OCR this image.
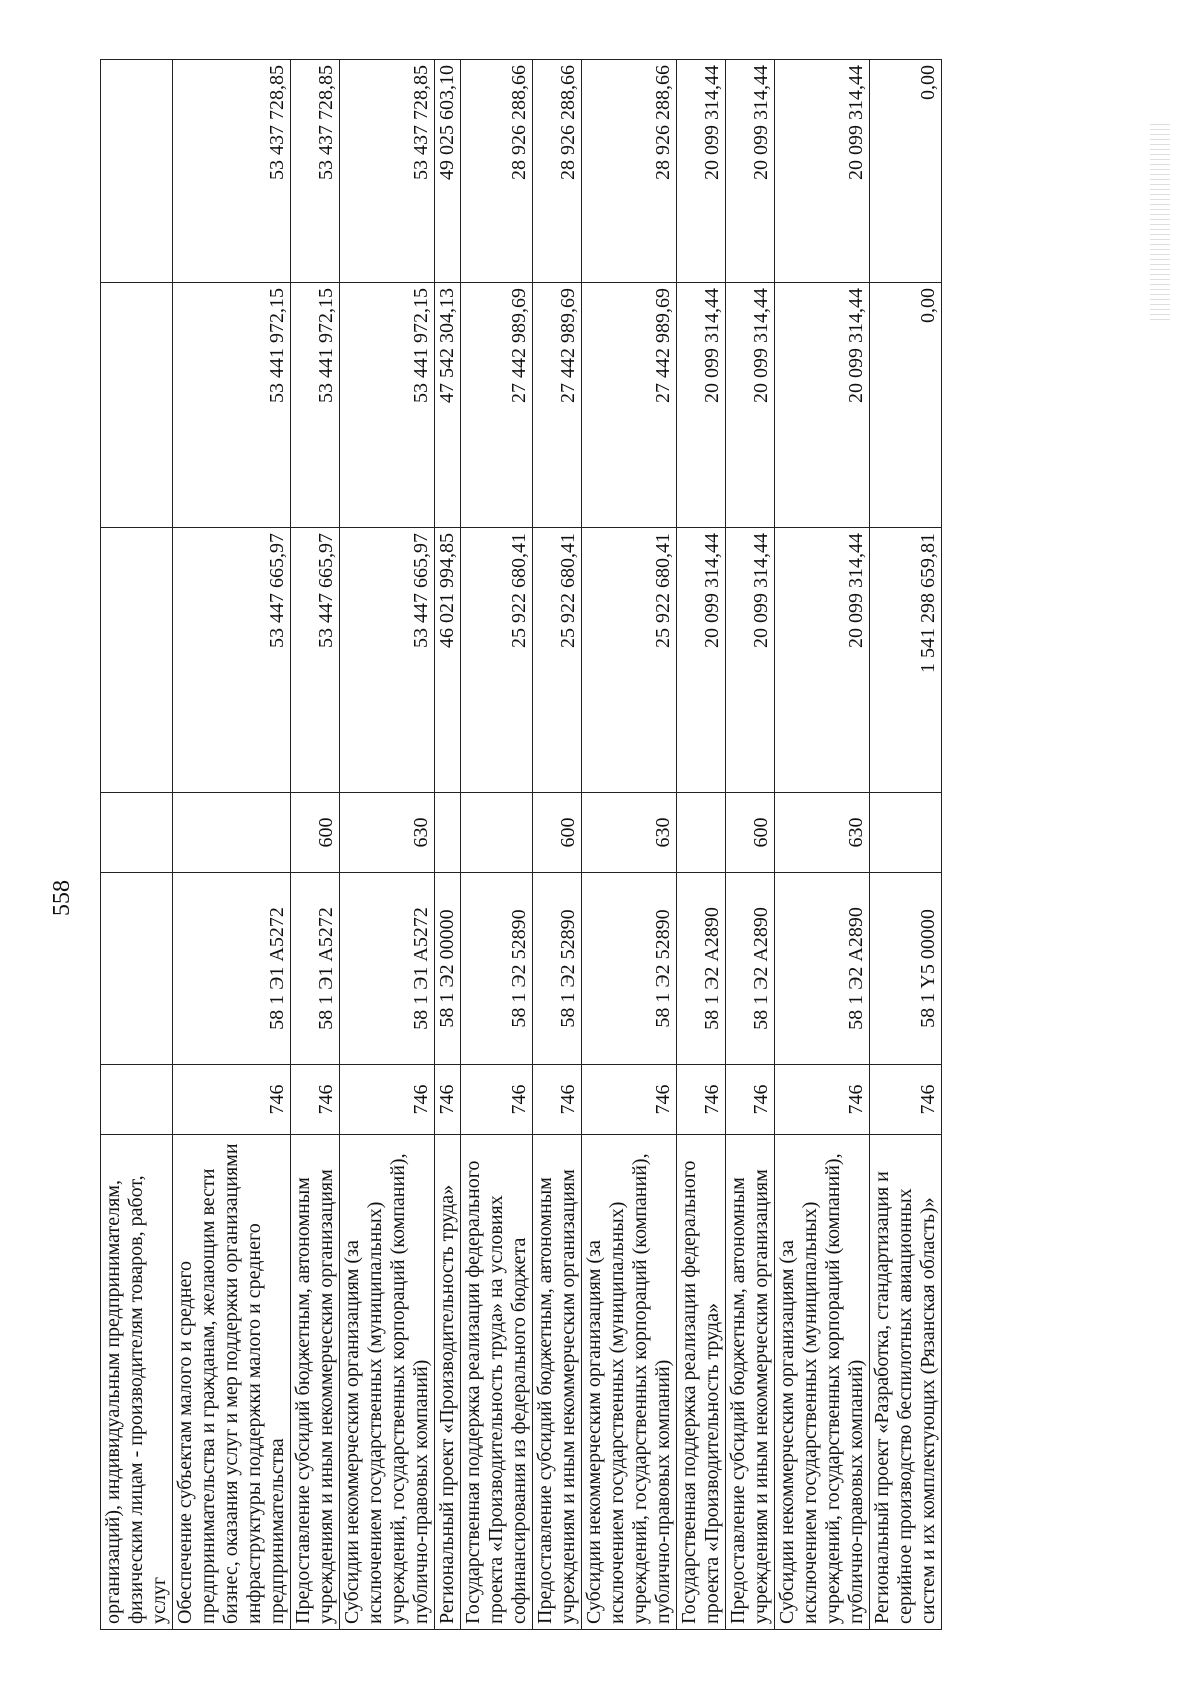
558
организаций), индивидуальным предпринимателям, физическим лицам - производителям товаров, работ, услуг						
Обеспечение субъектам малого и среднего предпринимательства и гражданам, желающим вести бизнес, оказания услуг и мер поддержки организациями инфраструктуры поддержки малого и среднего предпринимательства	746	58 1 Э1 А5272		53 447 665,97	53 441 972,15	53 437 728,85
Предоставление субсидий бюджетным, автономным учреждениям и иным некоммерческим организациям	746	58 1 Э1 А5272	600	53 447 665,97	53 441 972,15	53 437 728,85
Субсидии некоммерческим организациям (за исключением государственных (муниципальных) учреждений, государственных корпораций (компаний), публично-правовых компаний)	746	58 1 Э1 А5272	630	53 447 665,97	53 441 972,15	53 437 728,85
Региональный проект «Производительность труда»	746	58 1 Э2 00000		46 021 994,85	47 542 304,13	49 025 603,10
Государственная поддержка реализации федерального проекта «Производительность труда» на условиях софинансирования из федерального бюджета	746	58 1 Э2 52890		25 922 680,41	27 442 989,69	28 926 288,66
Предоставление субсидий бюджетным, автономным учреждениям и иным некоммерческим организациям	746	58 1 Э2 52890	600	25 922 680,41	27 442 989,69	28 926 288,66
Субсидии некоммерческим организациям (за исключением государственных (муниципальных) учреждений, государственных корпораций (компаний), публично-правовых компаний)	746	58 1 Э2 52890	630	25 922 680,41	27 442 989,69	28 926 288,66
Государственная поддержка реализации федерального проекта «Производительность труда»	746	58 1 Э2 А2890		20 099 314,44	20 099 314,44	20 099 314,44
Предоставление субсидий бюджетным, автономным учреждениям и иным некоммерческим организациям	746	58 1 Э2 А2890	600	20 099 314,44	20 099 314,44	20 099 314,44
Субсидии некоммерческим организациям (за исключением государственных (муниципальных) учреждений, государственных корпораций (компаний), публично-правовых компаний)	746	58 1 Э2 А2890	630	20 099 314,44	20 099 314,44	20 099 314,44
Региональный проект «Разработка, стандартизация и серийное производство беспилотных авиационных систем и их комплектующих (Рязанская область)»	746	58 1 Y5 00000		1 541 298 659,81	0,00	0,00
